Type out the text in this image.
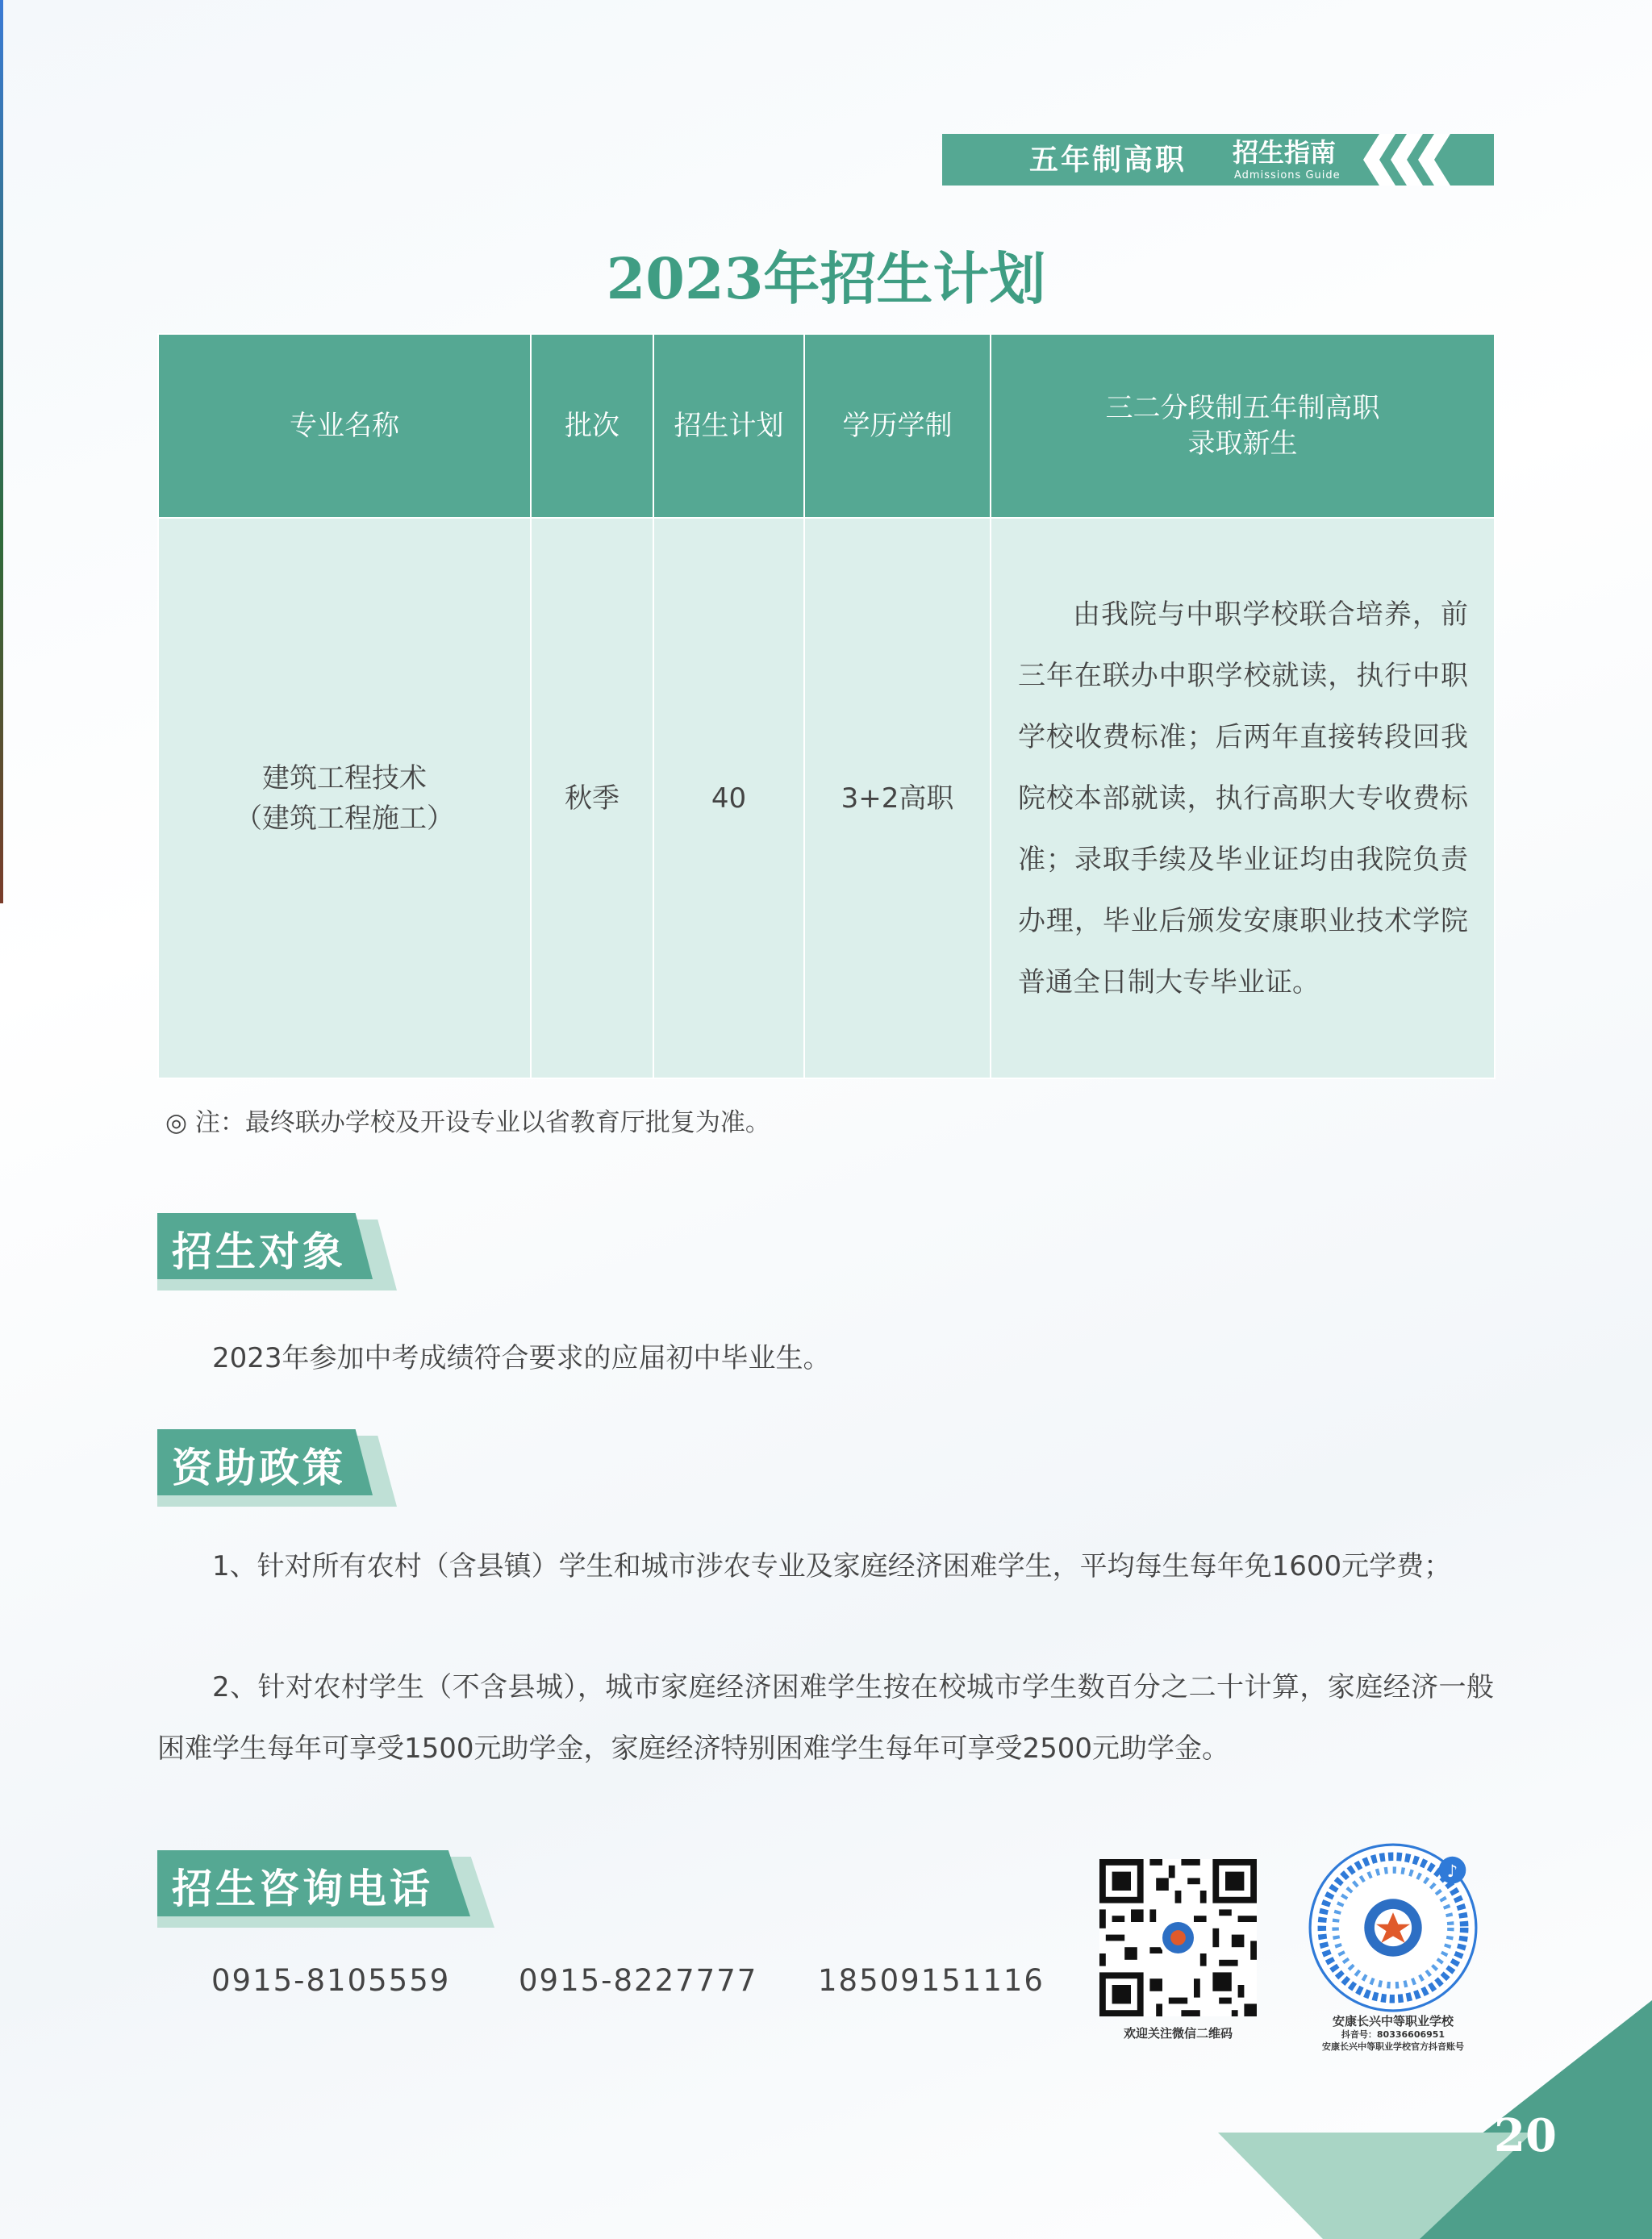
五年制高职 招生指南
Admissions Guide
2023年招生计划
专业名称	批次	招生计划	学历学制	三二分段制五年制高职
录取新生

建筑工程技术
（建筑工程施工）	秋季	40	3+2高职	由我院与中职学校联合培养，前三年在联办中职学校就读，执行中职学校收费标准；后两年直接转段回我院校本部就读，执行高职大专收费标准；录取手续及毕业证均由我院负责办理，毕业后颁发安康职业技术学院普通全日制大专毕业证。
◎ 注：最终联办学校及开设专业以省教育厅批复为准。
招生对象
2023年参加中考成绩符合要求的应届初中毕业生。
资助政策
1、针对所有农村（含县镇）学生和城市涉农专业及家庭经济困难学生，平均每生每年免1600元学费；
2、针对农村学生（不含县城），城市家庭经济困难学生按在校城市学生数百分之二十计算，家庭经济一般困难学生每年可享受1500元助学金，家庭经济特别困难学生每年可享受2500元助学金。
招生咨询电话
0915-8105559 0915-8227777 18509151116
欢迎关注微信二维码
♪
安康长兴中等职业学校
抖音号：80336606951
安康长兴中等职业学校官方抖音账号
20
